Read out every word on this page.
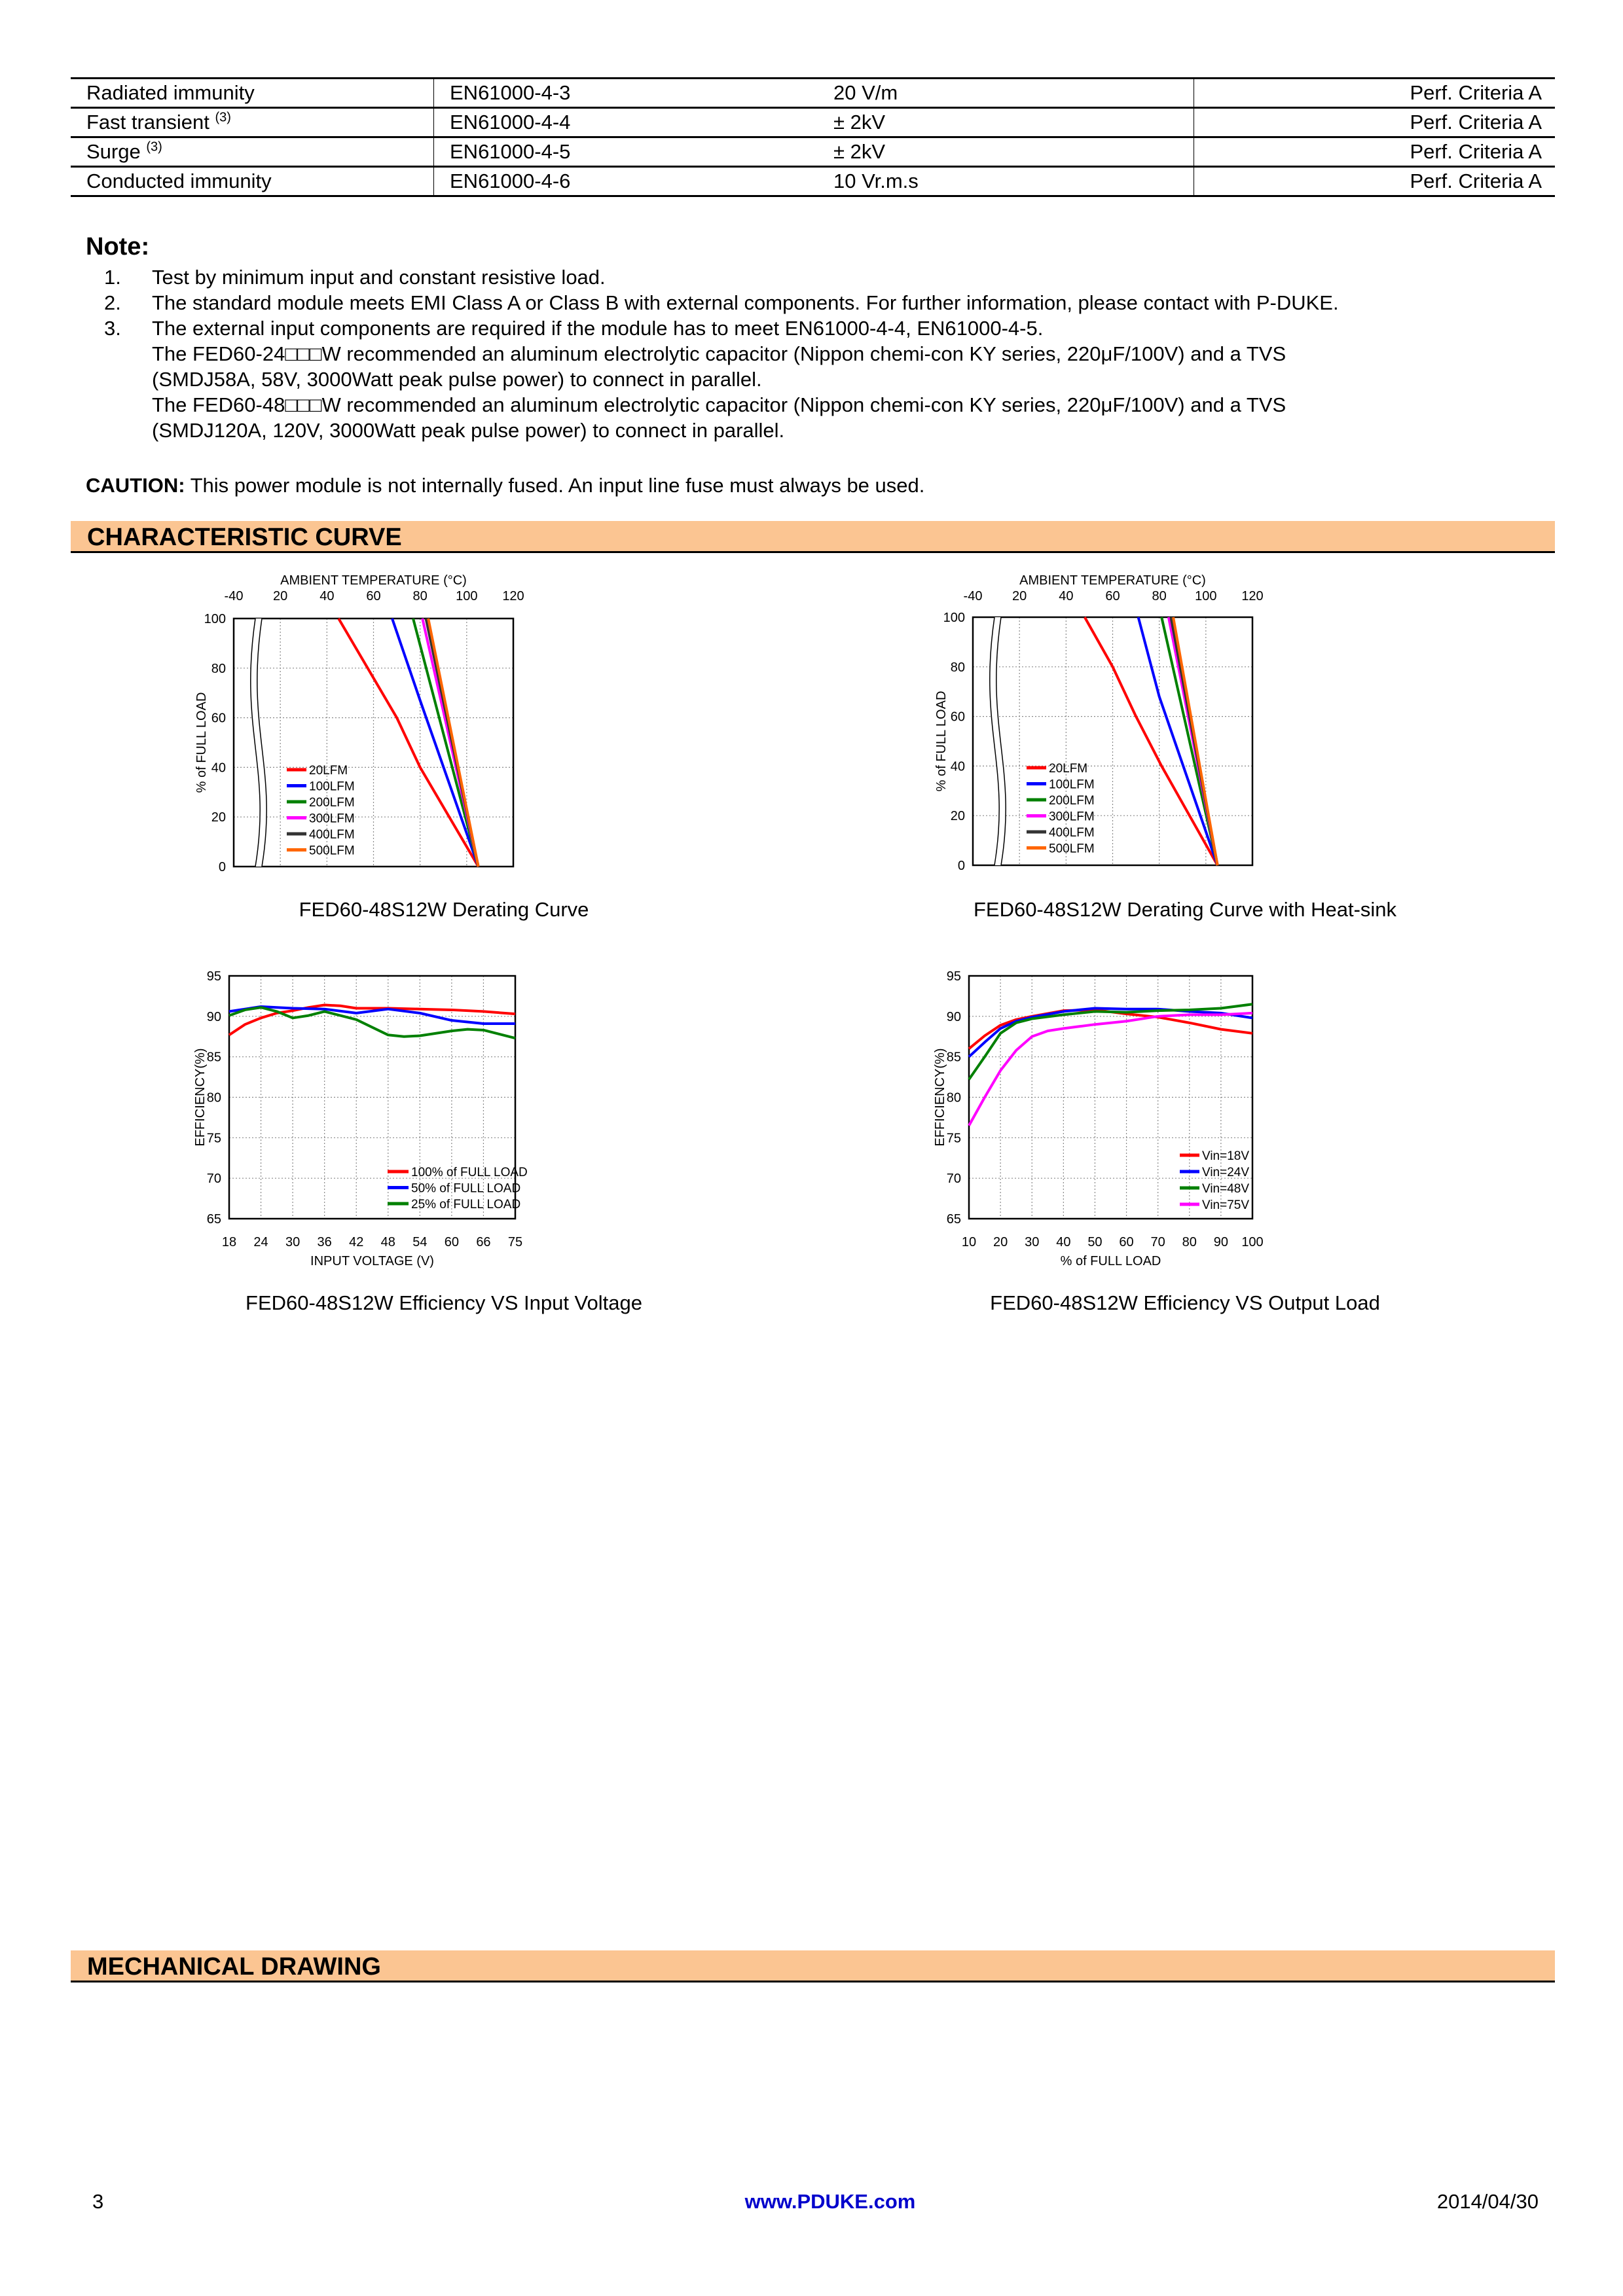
Radiated immunity	EN61000-4-3	20 V/m	Perf. Criteria A
Fast transient $^{(3)}$	EN61000-4-4	± 2kV	Perf. Criteria A
Surge $^{(3)}$	EN61000-4-5	± 2kV	Perf. Criteria A
Conducted immunity	EN61000-4-6	10 Vr.m.s	Perf. Criteria A
Note:
1.	Test by minimum input and constant resistive load.
2.	The standard module meets EMI Class A or Class B with external components. For further information, please contact with P-DUKE.
3.	The external input components are required if the module has to meet EN61000-4-4, EN61000-4-5.
The FED60-24□□□W recommended an aluminum electrolytic capacitor (Nippon chemi-con KY series, 220μF/100V) and a TVS
(SMDJ58A, 58V, 3000Watt peak pulse power) to connect in parallel.
The FED60-48□□□W recommended an aluminum electrolytic capacitor (Nippon chemi-con KY series, 220μF/100V) and a TVS
(SMDJ120A, 120V, 3000Watt peak pulse power) to connect in parallel.
CAUTION: This power module is not internally fused. An input line fuse must always be used.
CHARACTERISTIC CURVE
MECHANICAL DRAWING
-40 20 40 60 80 100 120
0
20
40
60
80
100
20LFM
100LFM
200LFM
300LFM
400LFM
500LFM
AMBIENT TEMPERATURE (°C)
% of FULL LOAD
-40 20 40 60 80 100 120
0
20
40
60
80
100
20LFM
100LFM
200LFM
300LFM
400LFM
500LFM
AMBIENT TEMPERATURE (°C)
% of FULL LOAD
18 24 30 36 42 48 54 60 66 75
65
70
75
80
85
90
95
100% of FULL LOAD
50% of FULL LOAD
25% of FULL LOAD
INPUT VOLTAGE (V)
EFFICIENCY(%)
10 20 30 40 50 60 70 80 90 100
65
70
75
80
85
90
95
Vin=18V
Vin=24V
Vin=48V
Vin=75V
% of FULL LOAD
EFFICIENCY(%)
FED60-48S12W Derating Curve	FED60-48S12W Derating Curve with Heat-sink
FED60-48S12W Efficiency VS Input Voltage	FED60-48S12W Efficiency VS Output Load
3	www.PDUKE.com	2014/04/30
